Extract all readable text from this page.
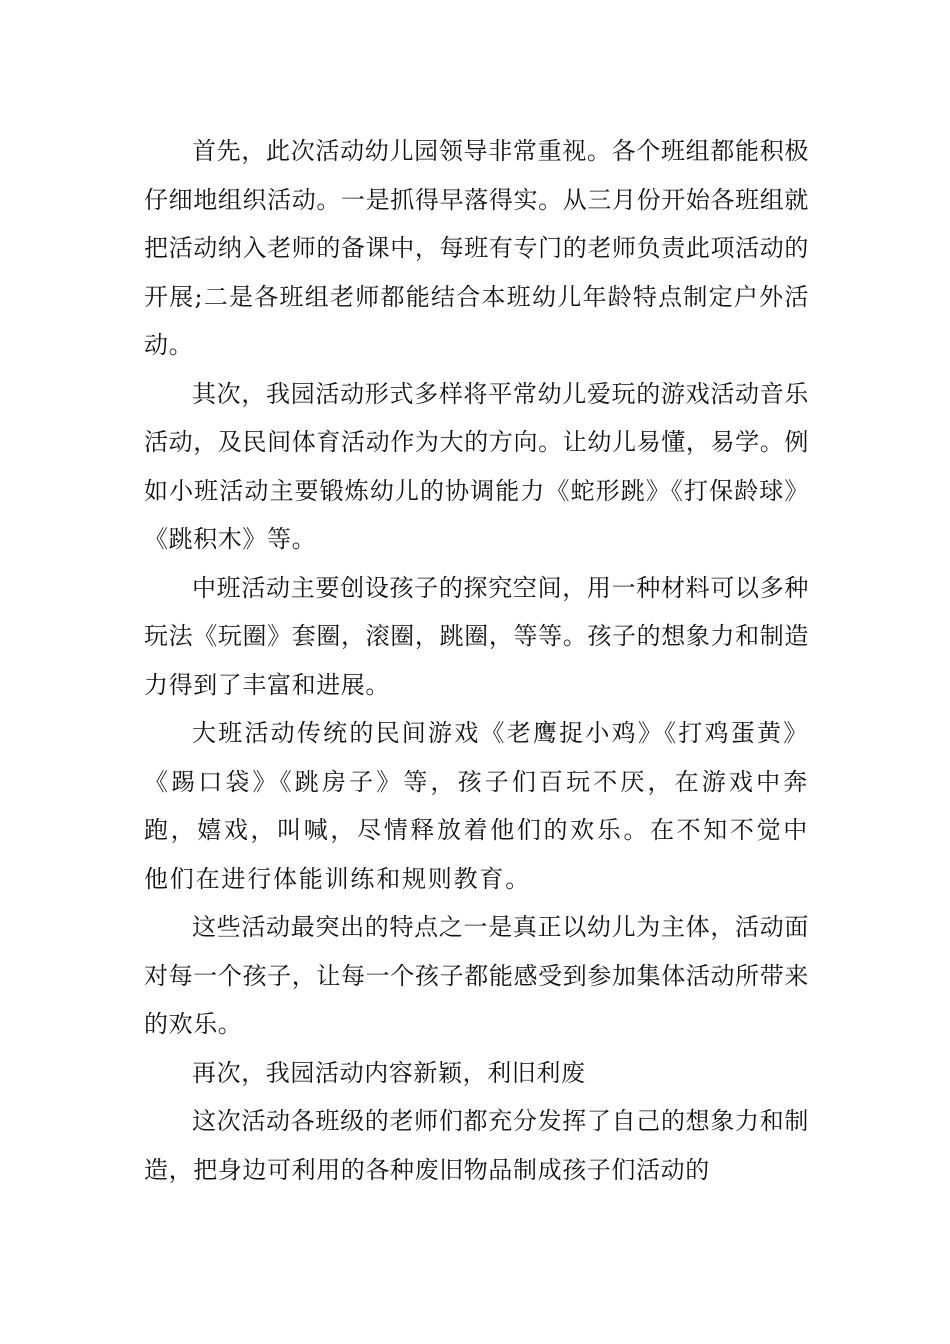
首先，此次活动幼儿园领导非常重视。各个班组都能积极仔细地组织活动。一是抓得早落得实。从三月份开始各班组就把活动纳入老师的备课中，每班有专门的老师负责此项活动的开展;二是各班组老师都能结合本班幼儿年龄特点制定户外活动。

其次，我园活动形式多样将平常幼儿爱玩的游戏活动音乐活动，及民间体育活动作为大的方向。让幼儿易懂，易学。例如小班活动主要锻炼幼儿的协调能力《蛇形跳》《打保龄球》《跳积木》等。

中班活动主要创设孩子的探究空间，用一种材料可以多种玩法《玩圈》套圈，滚圈，跳圈，等等。孩子的想象力和制造力得到了丰富和进展。

大班活动传统的民间游戏《老鹰捉小鸡》《打鸡蛋黄》《踢口袋》《跳房子》等，孩子们百玩不厌，在游戏中奔跑，嬉戏，叫喊，尽情释放着他们的欢乐。在不知不觉中他们在进行体能训练和规则教育。

这些活动最突出的特点之一是真正以幼儿为主体，活动面对每一个孩子，让每一个孩子都能感受到参加集体活动所带来的欢乐。

再次，我园活动内容新颖，利旧利废

这次活动各班级的老师们都充分发挥了自己的想象力和制造，把身边可利用的各种废旧物品制成孩子们活动的
